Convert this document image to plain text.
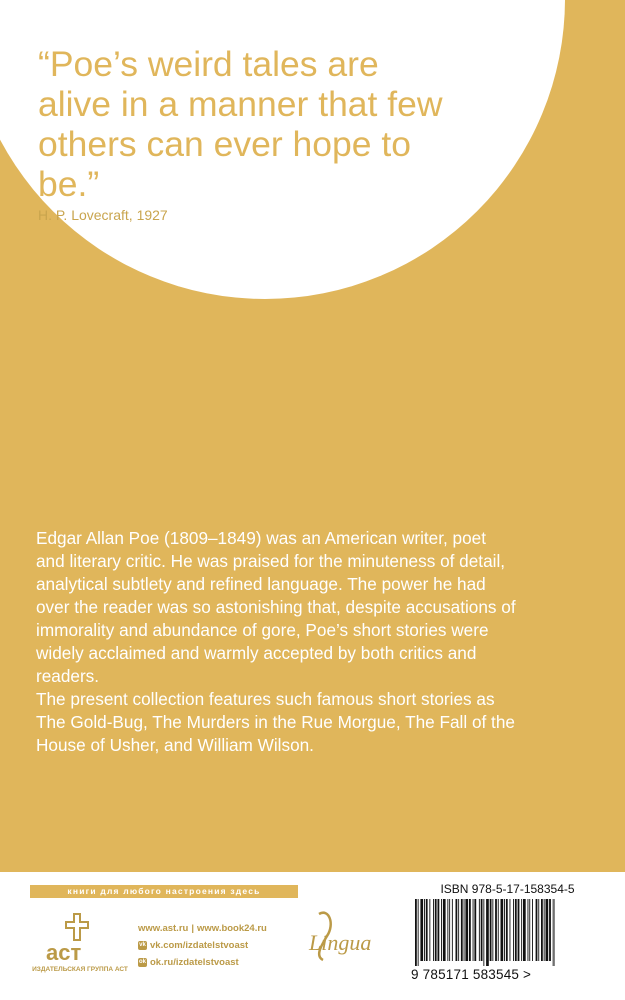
“Poe’s weird tales are alive in a manner that few others can ever hope to be.”

H. P. Lovecraft, 1927

Edgar Allan Poe (1809–1849) was an American writer, poet and literary critic. He was praised for the minuteness of detail, analytical subtlety and refined language. The power he had over the reader was so astonishing that, despite accusations of immorality and abundance of gore, Poe’s short stories were widely acclaimed and warmly accepted by both critics and readers.

The present collection features such famous short stories as The Gold-Bug, The Murders in the Rue Morgue, The Fall of the House of Usher, and William Wilson.

книги для любого настроения здесь
аст
ИЗДАТЕЛЬСКАЯ ГРУППА АСТ
www.ast.ru | www.book24.ru
vk vk.com/izdatelstvoast
ok ok.ru/izdatelstvoast
Lingua
ISBN 978-5-17-158354-5
9 785171 583545 >
